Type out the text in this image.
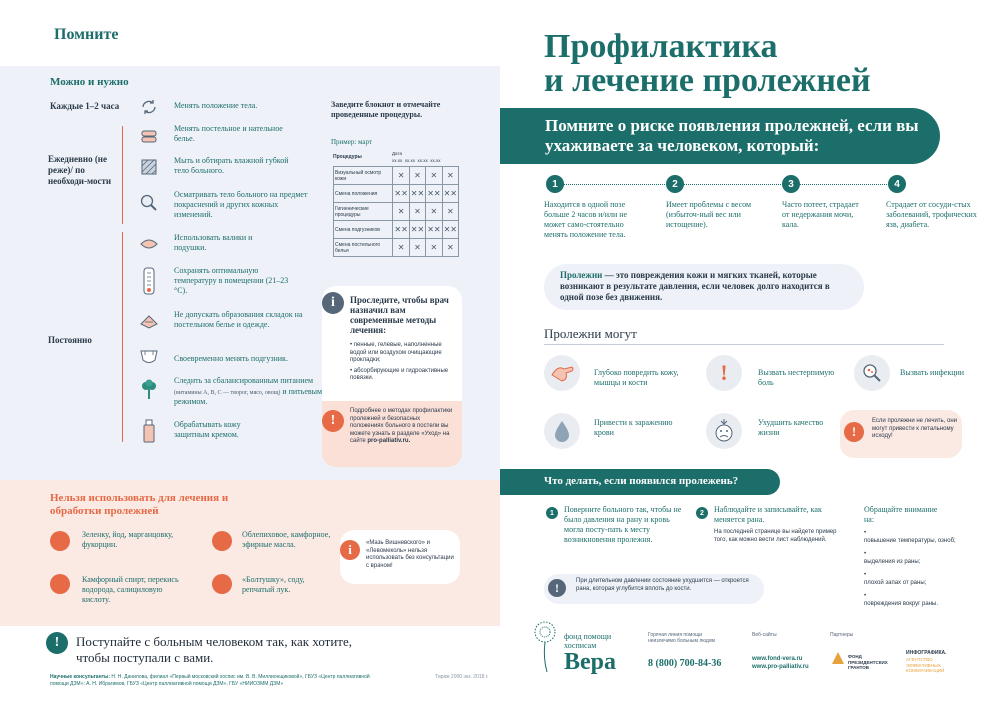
Помните
Можно и нужно
Каждые 1–2 часа
Ежедневно (не реже)/ по необходи-мости
Постоянно
Менять положение тела.
Менять постельное и нательное белье.
Мыть и обтирать влажной губкой тело больного.
Осматривать тело больного на предмет покраснений и других кожных изменений.
Использовать валики и подушки.
Сохранять оптимальную температуру в помещении (21–23 °С).
Не допускать образования складок на постельном белье и одежде.
Своевременно менять подгузник.
Следить за сбалансированным питанием (витамины А, В, С — творог, мясо, овощ) и питьевым режимом.
Обрабатывать кожу защитным кремом.
Заведите блокнот и отмечайте проведенные процедуры.
Пример: март
Процедуры
Дата
хх.хх  хх.хх  хх.хх  хх.хх
Визуальный осмотр кожи	✕	✕	✕	✕
Смена положения	✕✕	✕✕	✕✕	✕✕
Гигиенические процедуры	✕	✕	✕	✕
Смена подгузников	✕✕	✕✕	✕✕	✕✕
Смена постельного белья	✕	✕	✕	✕
i	Проследите, чтобы врач назначил вам современные методы лечения:
• пенные, гелевые, наполненные водой или воздухом очищающие прокладки;
• абсорбирующие и гидроактивные повязки.
!
Подробнее о методах профилактики пролежней и безопасных положениях больного в постели вы можете узнать в разделе «Уход» на сайте pro-palliativ.ru.
Нельзя использовать для лечения и обработки пролежней
Зеленку, йод, марганцовку, фукорцин.
Облепиховое, камфорное, эфирные масла.
Камфорный спирт, перекись водорода, салициловую кислоту.
«Болтушку», соду, репчатый лук.
i	«Мазь Вишневского» и «Левомеколь» нельзя использовать без консультации с врачом!
!	Поступайте с больным человеком так, как хотите, чтобы поступали с вами.
Научные консультанты: Н. Н. Данилова, филиал «Первый московский хоспис им. В. В. Миллионщиковой», ГБУЗ «Центр паллиативной помощи ДЗМ»; А. Н. Ибрагимов, ГБУЗ «Центр паллиативной помощи ДЗМ», ГБУ «НИИОЗММ ДЗМ»
Тираж 2000 экз. 2018 г.
Профилактика
и лечение пролежней
Помните о риске появления пролежней, если вы ухаживаете за человеком, который:
1	2	3	4
Находится в одной позе больше 2 часов и/или не может само-стоятельно менять положение тела.
Имеет проблемы с весом (избыточ-ный вес или истощение).
Часто потеет, страдает от недержания мочи, кала.
Страдает от сосуди-стых заболеваний, трофических язв, диабета.
Пролежни — это повреждения кожи и мягких тканей, которые возникают в результате давления, если человек долго находится в одной позе без движения.
Пролежни могут
Глубоко повредить кожу, мышцы и кости	!	Вызвать нестерпимую боль
Вызвать инфекции
Привести к заражению крови
Ухудшить качество жизни	!
Если пролежни не лечить, они могут привести к летальному исходу!
Что делать, если появился пролежень?
1	Поверните больного так, чтобы не было давления на рану и кровь могла посту-пать к месту возникновения пролежня.
2	Наблюдайте и записывайте, как меняется рана.
На последней странице вы найдете пример того, как можно вести лист наблюдений.
Обращайте внимание на:
•
повышение температуры, озноб;
•
выделения из раны;
•
плохой запах от раны;
•
повреждения вокруг раны.
!	При длительном давлении состояние ухудшится — откроется рана, которая углубится вплоть до кости.
фонд помощи хосписам
Вера
Горячая линия помощи неизлечимо больным людям
8 (800) 700-84-36
Веб-сайты
www.fond-vera.ru
www.pro-palliativ.ru
Партнеры
ФОНД ПРЕЗИДЕНТСКИХ ГРАНТОВ
ИНФОГРАФИКА.
АГЕНТСТВО ЭФФЕКТИВНЫХ КОММУНИКАЦИЙ
